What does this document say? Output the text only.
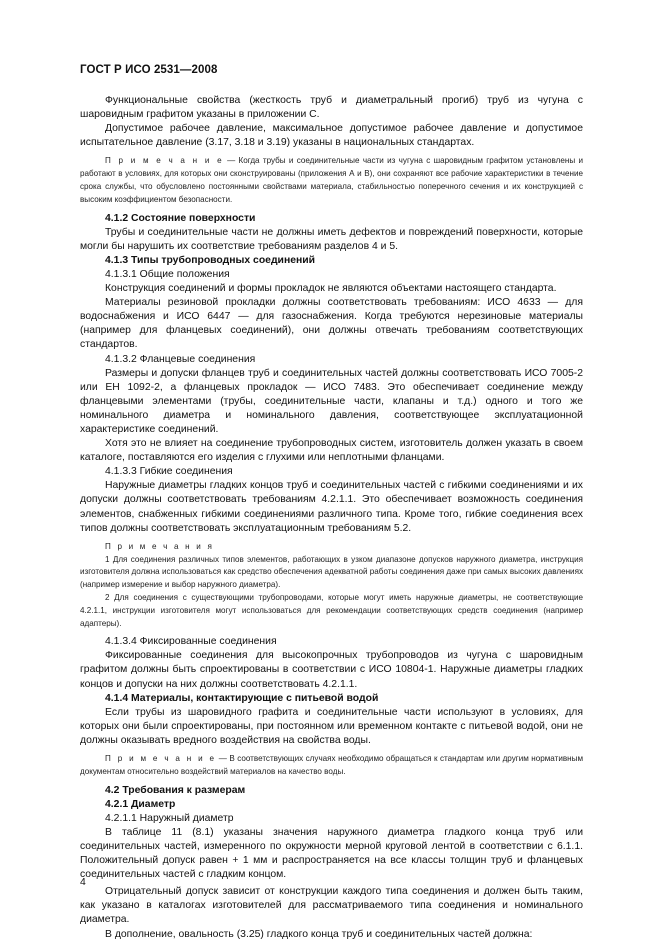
ГОСТ Р ИСО 2531—2008

Функциональные свойства (жесткость труб и диаметральный прогиб) труб из чугуна с шаровидным графитом указаны в приложении С.

Допустимое рабочее давление, максимальное допустимое рабочее давление и допустимое испытательное давление (3.17, 3.18 и 3.19) указаны в национальных стандартах.

П р и м е ч а н и е — Когда трубы и соединительные части из чугуна с шаровидным графитом установлены и работают в условиях, для которых они сконструированы (приложения А и В), они сохраняют все рабочие характеристики в течение срока службы, что обусловлено постоянными свойствами материала, стабильностью поперечного сечения и их конструкцией с высоким коэффициентом безопасности.

4.1.2 Состояние поверхности

Трубы и соединительные части не должны иметь дефектов и повреждений поверхности, которые могли бы нарушить их соответствие требованиям разделов 4 и 5.

4.1.3 Типы трубопроводных соединений

4.1.3.1 Общие положения

Конструкция соединений и формы прокладок не являются объектами настоящего стандарта.

Материалы резиновой прокладки должны соответствовать требованиям: ИСО 4633 — для водоснабжения и ИСО 6447 — для газоснабжения. Когда требуются нерезиновые материалы (например для фланцевых соединений), они должны отвечать требованиям соответствующих стандартов.

4.1.3.2 Фланцевые соединения

Размеры и допуски фланцев труб и соединительных частей должны соответствовать ИСО 7005-2 или ЕН 1092-2, а фланцевых прокладок — ИСО 7483. Это обеспечивает соединение между фланцевыми элементами (трубы, соединительные части, клапаны и т.д.) одного и того же номинального диаметра и номинального давления, соответствующее эксплуатационной характеристике соединений.

Хотя это не влияет на соединение трубопроводных систем, изготовитель должен указать в своем каталоге, поставляются его изделия с глухими или неплотными фланцами.

4.1.3.3 Гибкие соединения

Наружные диаметры гладких концов труб и соединительных частей с гибкими соединениями и их допуски должны соответствовать требованиям 4.2.1.1. Это обеспечивает возможность соединения элементов, снабженных гибкими соединениями различного типа. Кроме того, гибкие соединения всех типов должны соответствовать эксплуатационным требованиям 5.2.

П р и м е ч а н и я

1 Для соединения различных типов элементов, работающих в узком диапазоне допусков наружного диаметра, инструкция изготовителя должна использоваться как средство обеспечения адекватной работы соединения даже при самых высоких давлениях (например измерение и выбор наружного диаметра).

2 Для соединения с существующими трубопроводами, которые могут иметь наружные диаметры, не соответствующие 4.2.1.1, инструкции изготовителя могут использоваться для рекомендации соответствующих средств соединения (например адаптеры).

4.1.3.4 Фиксированные соединения

Фиксированные соединения для высокопрочных трубопроводов из чугуна с шаровидным графитом должны быть спроектированы в соответствии с ИСО 10804-1. Наружные диаметры гладких концов и допуски на них должны соответствовать 4.2.1.1.

4.1.4 Материалы, контактирующие с питьевой водой

Если трубы из шаровидного графита и соединительные части используют в условиях, для которых они были спроектированы, при постоянном или временном контакте с питьевой водой, они не должны оказывать вредного воздействия на свойства воды.

П р и м е ч а н и е — В соответствующих случаях необходимо обращаться к стандартам или другим нормативным документам относительно воздействий материалов на качество воды.

4.2 Требования к размерам

4.2.1 Диаметр

4.2.1.1 Наружный диаметр

В таблице 11 (8.1) указаны значения наружного диаметра гладкого конца труб или соединительных частей, измеренного по окружности мерной круговой лентой в соответствии с 6.1.1. Положительный допуск равен + 1 мм и распространяется на все классы толщин труб и фланцевых соединительных частей с гладким концом.

Отрицательный допуск зависит от конструкции каждого типа соединения и должен быть таким, как указано в каталогах изготовителей для рассматриваемого типа соединения и номинального диаметра.

В дополнение, овальность (3.25) гладкого конца труб и соединительных частей должна:

4
